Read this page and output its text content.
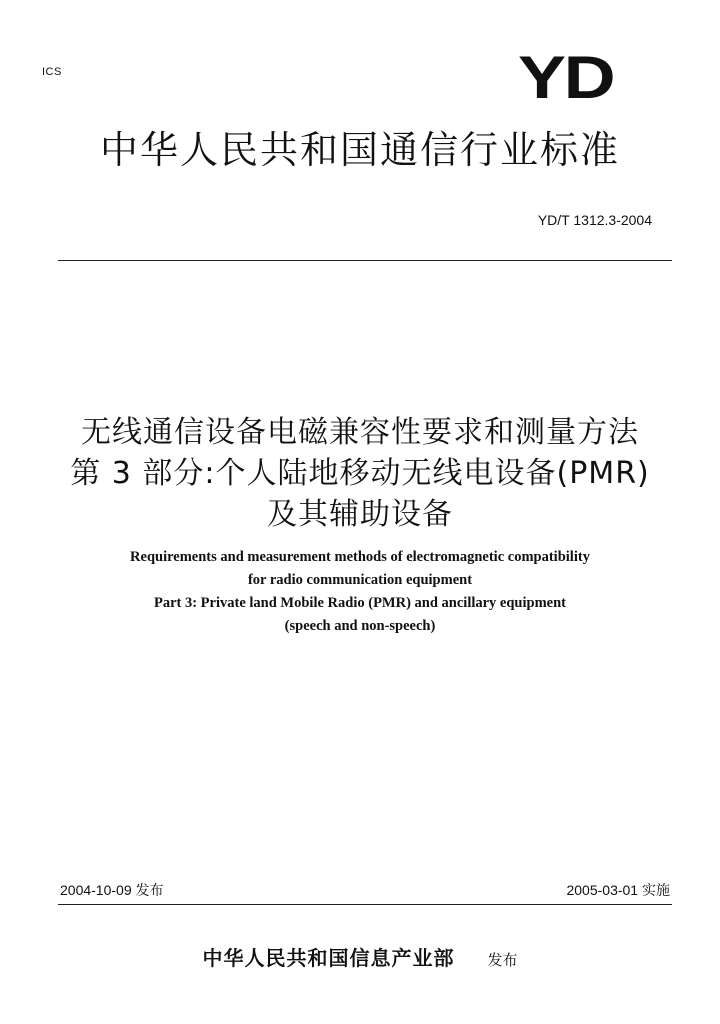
ICS	YD
中华人民共和国通信行业标准
YD/T 1312.3-2004
无线通信设备电磁兼容性要求和测量方法
第 3 部分:个人陆地移动无线电设备(PMR)
及其辅助设备
Requirements and measurement methods of electromagnetic compatibility
for radio communication equipment
Part 3: Private land Mobile Radio (PMR) and ancillary equipment
(speech and non-speech)
2004-10-09 发布	2005-03-01 实施
中华人民共和国信息产业部 发布
